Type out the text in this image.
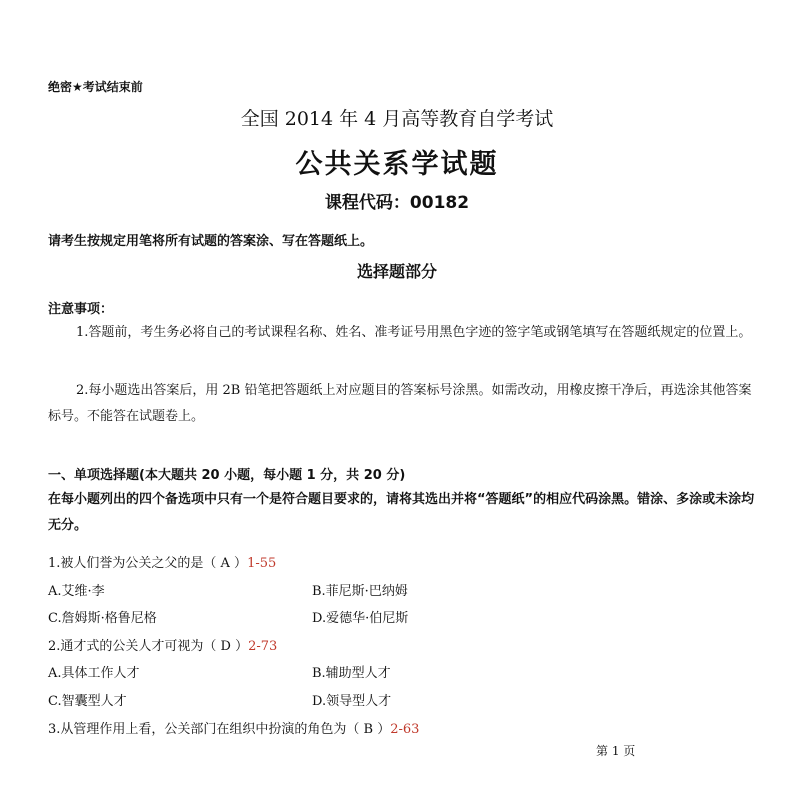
绝密★考试结束前
全国 2014 年 4 月高等教育自学考试
公共关系学试题
课程代码：00182
请考生按规定用笔将所有试题的答案涂、写在答题纸上。
选择题部分
注意事项：
1.答题前，考生务必将自己的考试课程名称、姓名、准考证号用黑色字迹的签字笔或钢笔填写在答题纸规定的位置上。
2.每小题选出答案后，用 2B 铅笔把答题纸上对应题目的答案标号涂黑。如需改动，用橡皮擦干净后，再选涂其他答案标号。不能答在试题卷上。
一、单项选择题(本大题共 20 小题，每小题 1 分，共 20 分)
在每小题列出的四个备选项中只有一个是符合题目要求的，请将其选出并将“答题纸”的相应代码涂黑。错涂、多涂或未涂均无分。
1.被人们誉为公关之父的是（ A ）1-55
A.艾维·李	B.菲尼斯·巴纳姆
C.詹姆斯·格鲁尼格	D.爱德华·伯尼斯
2.通才式的公关人才可视为（ D ）2-73
A.具体工作人才	B.辅助型人才
C.智囊型人才	D.领导型人才
3.从管理作用上看，公关部门在组织中扮演的角色为（ B ）2-63
第 1 页
